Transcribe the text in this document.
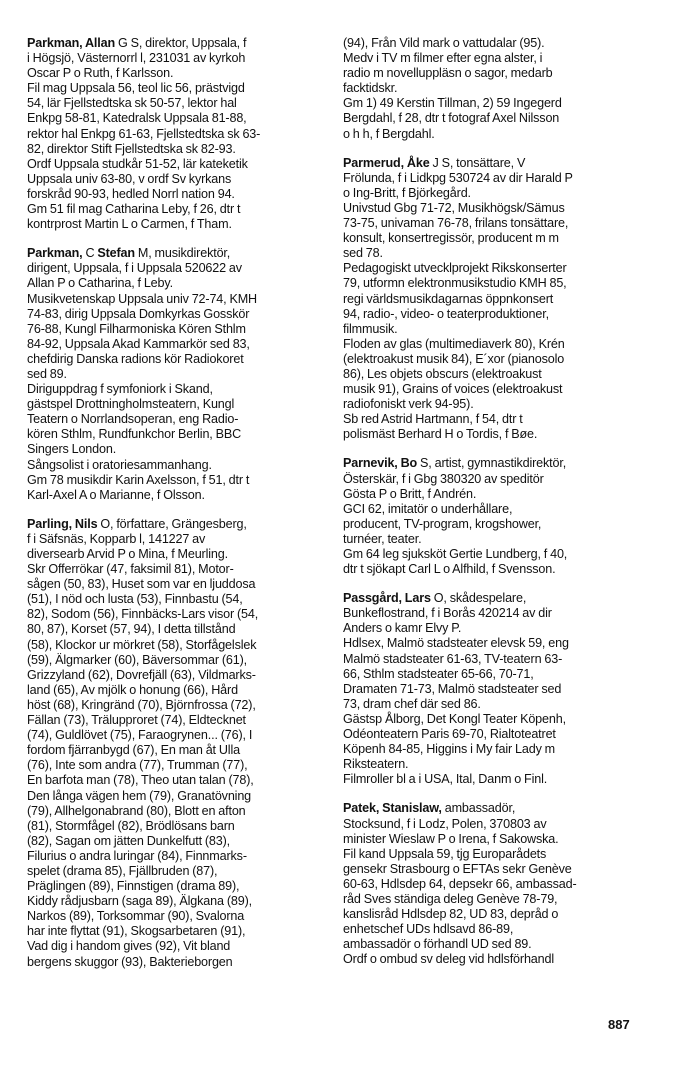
Parkman, Allan G S, direktor, Uppsala, f
i Högsjö, Västernorrl l, 231031 av kyrkoh
Oscar P o Ruth, f Karlsson.
Fil mag Uppsala 56, teol lic 56, prästvigd
54, lär Fjellstedtska sk 50-57, lektor hal
Enkpg 58-81, Katedralsk Uppsala 81-88,
rektor hal Enkpg 61-63, Fjellstedtska sk 63-
82, direktor Stift Fjellstedtska sk 82-93.
Ordf Uppsala studkår 51-52, lär kateketik
Uppsala univ 63-80, v ordf Sv kyrkans
forskråd 90-93, hedled Norrl nation 94.
Gm 51 fil mag Catharina Leby, f 26, dtr t
kontrprost Martin L o Carmen, f Tham.
Parkman, C Stefan M, musikdirektör,
dirigent, Uppsala, f i Uppsala 520622 av
Allan P o Catharina, f Leby.
Musikvetenskap Uppsala univ 72-74, KMH
74-83, dirig Uppsala Domkyrkas Gosskör
76-88, Kungl Filharmoniska Kören Sthlm
84-92, Uppsala Akad Kammarkör sed 83,
chefdirig Danska radions kör Radiokoret
sed 89.
Diriguppdrag f symfoniork i Skand,
gästspel Drottningholmsteatern, Kungl
Teatern o Norrlandsoperan, eng Radio-
kören Sthlm, Rundfunkchor Berlin, BBC
Singers London.
Sångsolist i oratoriesammanhang.
Gm 78 musikdir Karin Axelsson, f 51, dtr t
Karl-Axel A o Marianne, f Olsson.
Parling, Nils O, författare, Grängesberg,
f i Säfsnäs, Kopparb l, 141227 av
diversearb Arvid P o Mina, f Meurling.
Skr Offerrökar (47, faksimil 81), Motor-
sågen (50, 83), Huset som var en ljuddosa
(51), I nöd och lusta (53), Finnbastu (54,
82), Sodom (56), Finnbäcks-Lars visor (54,
80, 87), Korset (57, 94), I detta tillstånd
(58), Klockor ur mörkret (58), Storfågelslek
(59), Älgmarker (60), Bäversommar (61),
Grizzyland (62), Dovrefjäll (63), Vildmarks-
land (65), Av mjölk o honung (66), Hård
höst (68), Kringränd (70), Björnfrossa (72),
Fällan (73), Trälupproret (74), Eldtecknet
(74), Guldlövet (75), Faraogrynen... (76), I
fordom fjärranbygd (67), En man åt Ulla
(76), Inte som andra (77), Trumman (77),
En barfota man (78), Theo utan talan (78),
Den långa vägen hem (79), Granatövning
(79), Allhelgonabrand (80), Blott en afton
(81), Stormfågel (82), Brödlösans barn
(82), Sagan om jätten Dunkelfutt (83),
Filurius o andra luringar (84), Finnmarks-
spelet (drama 85), Fjällbruden (87),
Präglingen (89), Finnstigen (drama 89),
Kiddy rådjusbarn (saga 89), Älgkana (89),
Narkos (89), Torksommar (90), Svalorna
har inte flyttat (91), Skogsarbetaren (91),
Vad dig i handom gives (92), Vit bland
bergens skuggor (93), Bakterieborgen
(94), Från Vild mark o vattudalar (95).
Medv i TV m filmer efter egna alster, i
radio m novelluppläsn o sagor, medarb
facktidskr.
Gm 1) 49 Kerstin Tillman, 2) 59 Ingegerd
Bergdahl, f 28, dtr t fotograf Axel Nilsson
o h h, f Bergdahl.
Parmerud, Åke J S, tonsättare, V
Frölunda, f i Lidkpg 530724 av dir Harald P
o Ing-Britt, f Björkegård.
Univstud Gbg 71-72, Musikhögsk/Sämus
73-75, univaman 76-78, frilans tonsättare,
konsult, konsertregissör, producent m m
sed 78.
Pedagogiskt utvecklprojekt Rikskonserter
79, utformn elektronmusikstudio KMH 85,
regi världsmusikdagarnas öppnkonsert
94, radio-, video- o teaterproduktioner,
filmmusik.
Floden av glas (multimediaverk 80), Krén
(elektroakust musik 84), E´xor (pianosolo
86), Les objets obscurs (elektroakust
musik 91), Grains of voices (elektroakust
radiofoniskt verk 94-95).
Sb red Astrid Hartmann, f 54, dtr t
polismäst Berhard H o Tordis, f Bøe.
Parnevik, Bo S, artist, gymnastikdirektör,
Österskär, f i Gbg 380320 av speditör
Gösta P o Britt, f Andrén.
GCI 62, imitatör o underhållare,
producent, TV-program, krogshower,
turnéer, teater.
Gm 64 leg sjuksköt Gertie Lundberg, f 40,
dtr t sjökapt Carl L o Alfhild, f Svensson.
Passgård, Lars O, skådespelare,
Bunkeflostrand, f i Borås 420214 av dir
Anders o kamr Elvy P.
Hdlsex, Malmö stadsteater elevsk 59, eng
Malmö stadsteater 61-63, TV-teatern 63-
66, Sthlm stadsteater 65-66, 70-71,
Dramaten 71-73, Malmö stadsteater sed
73, dram chef där sed 86.
Gästsp Ålborg, Det Kongl Teater Köpenh,
Odéonteatern Paris 69-70, Rialtoteatret
Köpenh 84-85, Higgins i My fair Lady m
Riksteatern.
Filmroller bl a i USA, Ital, Danm o Finl.
Patek, Stanislaw, ambassadör,
Stocksund, f i Lodz, Polen, 370803 av
minister Wieslaw P o Irena, f Sakowska.
Fil kand Uppsala 59, tjg Europarådets
gensekr Strasbourg o EFTAs sekr Genève
60-63, Hdlsdep 64, depsekr 66, ambassad-
råd Sves ständiga deleg Genève 78-79,
kanslisråd Hdlsdep 82, UD 83, depråd o
enhetschef UDs hdlsavd 86-89,
ambassadör o förhandl UD sed 89.
Ordf o ombud sv deleg vid hdlsförhandl
887
